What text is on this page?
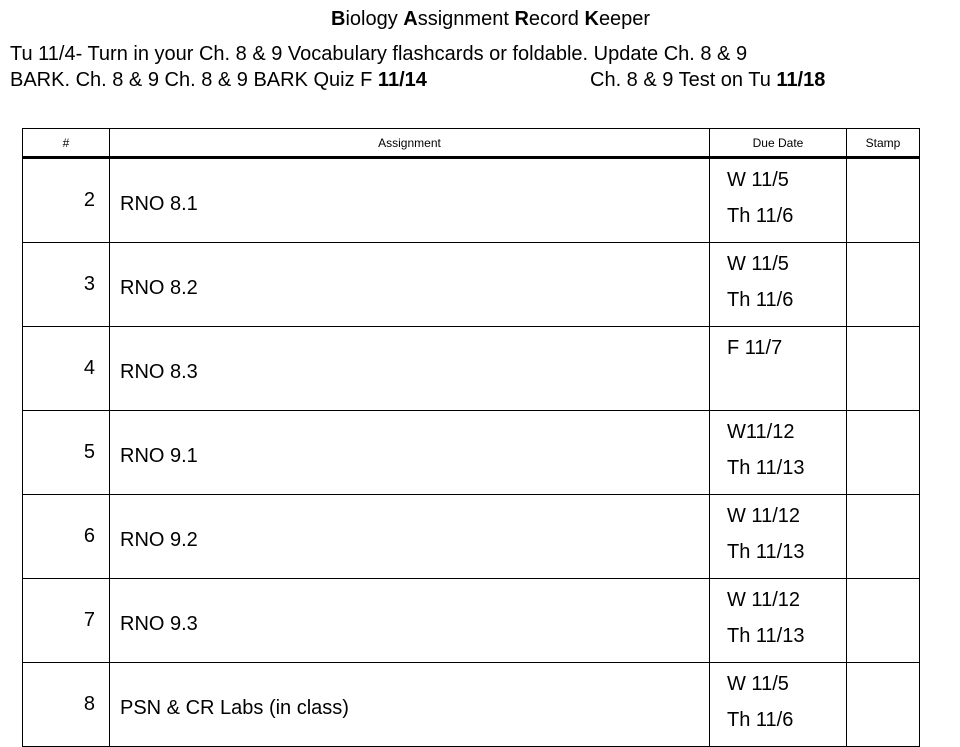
Biology Assignment Record Keeper
Tu 11/4- Turn in your Ch. 8 & 9 Vocabulary flashcards or foldable. Update Ch. 8 & 9
BARK. Ch. 8 & 9 Ch. 8 & 9 BARK Quiz F 11/14	Ch. 8 & 9 Test on Tu 11/18
#	Assignment	Due Date	Stamp
2	RNO 8.1	W 11/5
Th 11/6	

3	RNO 8.2	W 11/5
Th 11/6	

4	RNO 8.3	F 11/7	

5	RNO 9.1	W11/12
Th 11/13	

6	RNO 9.2	W 11/12
Th 11/13	

7	RNO 9.3	W 11/12
Th 11/13	

8	PSN & CR Labs (in class)	W 11/5
Th 11/6	
